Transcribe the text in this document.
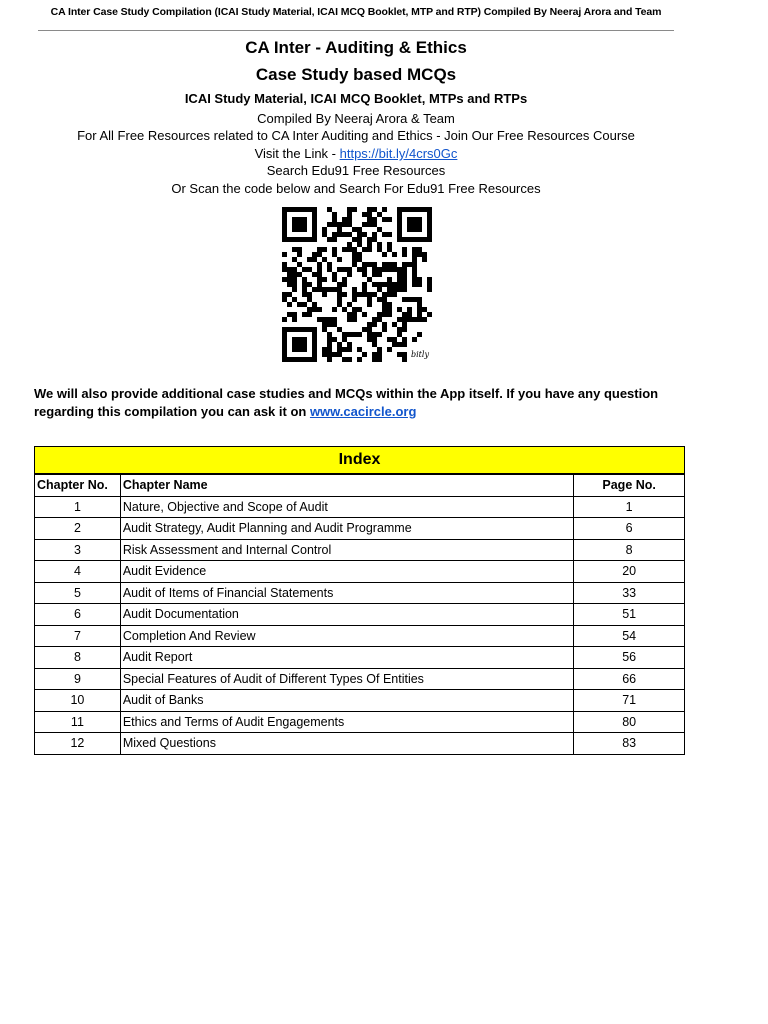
CA Inter Case Study Compilation (ICAI Study Material, ICAI MCQ Booklet, MTP and RTP) Compiled By Neeraj Arora and Team
CA Inter - Auditing & Ethics
Case Study based MCQs
ICAI Study Material, ICAI MCQ Booklet, MTPs and RTPs
Compiled By Neeraj Arora & Team
For All Free Resources related to CA Inter Auditing and Ethics - Join Our Free Resources Course
Visit the Link - https://bit.ly/4crs0Gc
Search Edu91 Free Resources
Or Scan the code below and Search For Edu91 Free Resources
bitly
We will also provide additional case studies and MCQs within the App itself. If you have any question regarding this compilation you can ask it on www.cacircle.org
Index
Chapter No.	Chapter Name	Page No.
1	Nature, Objective and Scope of Audit	1
2	Audit Strategy, Audit Planning and Audit Programme	6
3	Risk Assessment and Internal Control	8
4	Audit Evidence	20
5	Audit of Items of Financial Statements	33
6	Audit Documentation	51
7	Completion And Review	54
8	Audit Report	56
9	Special Features of Audit of Different Types Of Entities	66
10	Audit of Banks	71
11	Ethics and Terms of Audit Engagements	80
12	Mixed Questions	83
